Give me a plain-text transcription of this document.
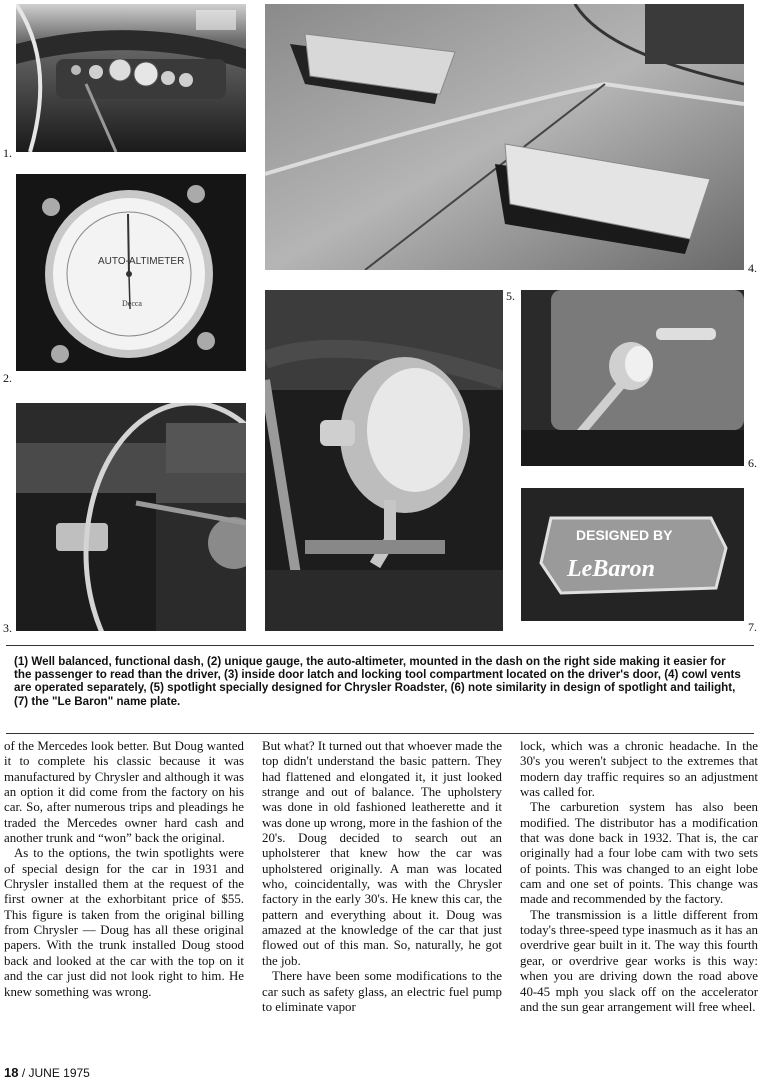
1.
AUTO-ALTIMETER
Decca
2.
3.
4.
5.
6.
DESIGNED BY
LeBaron
7.
(1) Well balanced, functional dash, (2) unique gauge, the auto-altimeter, mounted in the dash on the right side making it easier for the passenger to read than the driver, (3) inside door latch and locking tool compartment located on the driver's door, (4) cowl vents are operated separately, (5) spotlight specially designed for Chrysler Roadster, (6) note similarity in design of spotlight and tailight, (7) the "Le Baron" name plate.

of the Mercedes look better. But Doug wanted it to complete his classic because it was manufactured by Chrysler and although it was an option it did come from the factory on his car. So, after numerous trips and pleadings he traded the Mercedes owner hard cash and another trunk and “won” back the original.

As to the options, the twin spotlights were of special design for the car in 1931 and Chrysler installed them at the request of the first owner at the exhorbitant price of $55. This figure is taken from the original billing from Chrysler — Doug has all these original papers. With the trunk installed Doug stood back and looked at the car with the top on it and the car just did not look right to him. He knew something was wrong.

But what? It turned out that whoever made the top didn't understand the basic pattern. They had flattened and elongated it, it just looked strange and out of balance. The upholstery was done in old fashioned leatherette and it was done up wrong, more in the fashion of the 20's. Doug decided to search out an upholsterer that knew how the car was upholstered originally. A man was located who, coincidentally, was with the Chrysler factory in the early 30's. He knew this car, the pattern and everything about it. Doug was amazed at the knowledge of the car that just flowed out of this man. So, naturally, he got the job.

There have been some modifications to the car such as safety glass, an electric fuel pump to eliminate vapor

lock, which was a chronic headache. In the 30's you weren't subject to the extremes that modern day traffic requires so an adjustment was called for.

The carburetion system has also been modified. The distributor has a modification that was done back in 1932. That is, the car originally had a four lobe cam with two sets of points. This was changed to an eight lobe cam and one set of points. This change was made and recommended by the factory.

The transmission is a little different from today's three-speed type inasmuch as it has an overdrive gear built in it. The way this fourth gear, or overdrive gear works is this way: when you are driving down the road above 40-45 mph you slack off on the accelerator and the sun gear arrangement will free wheel.

18 / JUNE 1975
